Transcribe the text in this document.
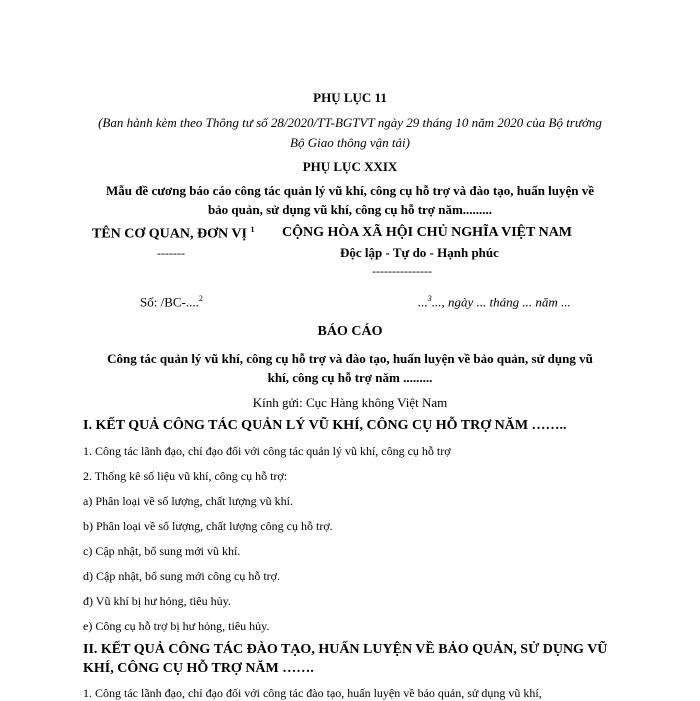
PHỤ LỤC 11
(Ban hành kèm theo Thông tư số 28/2020/TT-BGTVT ngày 29 tháng 10 năm 2020 của Bộ trưởng
Bộ Giao thông vận tải)
PHỤ LỤC XXIX
Mẫu đề cương báo cáo công tác quản lý vũ khí, công cụ hỗ trợ và đào tạo, huấn luyện về
bảo quản, sử dụng vũ khí, công cụ hỗ trợ năm.........
TÊN CƠ QUAN, ĐƠN VỊ $^1$
-------
CỘNG HÒA XÃ HỘI CHỦ NGHĨA VIỆT NAM
Độc lập - Tự do - Hạnh phúc
---------------
Số: /BC-....$^2$	...$^3$..., ngày ... tháng ... năm ...
BÁO CÁO
Công tác quản lý vũ khí, công cụ hỗ trợ và đào tạo, huấn luyện về bảo quản, sử dụng vũ
khí, công cụ hỗ trợ năm .........
Kính gửi: Cục Hàng không Việt Nam
I. KẾT QUẢ CÔNG TÁC QUẢN LÝ VŨ KHÍ, CÔNG CỤ HỖ TRỢ NĂM ……..
1. Công tác lãnh đạo, chỉ đạo đối với công tác quản lý vũ khí, công cụ hỗ trợ
2. Thống kê số liệu vũ khí, công cụ hỗ trợ:
a) Phân loại về số lượng, chất lượng vũ khí.
b) Phân loại về số lượng, chất lượng công cụ hỗ trợ.
c) Cập nhật, bổ sung mới vũ khí.
d) Cập nhật, bổ sung mới công cụ hỗ trợ.
đ) Vũ khí bị hư hỏng, tiêu hủy.
e) Công cụ hỗ trợ bị hư hỏng, tiêu hủy.
II. KẾT QUẢ CÔNG TÁC ĐÀO TẠO, HUẤN LUYỆN VỀ BẢO QUẢN, SỬ DỤNG VŨ
KHÍ, CÔNG CỤ HỖ TRỢ NĂM …….
1. Công tác lãnh đạo, chỉ đạo đối với công tác đào tạo, huấn luyện về bảo quản, sử dụng vũ khí,
